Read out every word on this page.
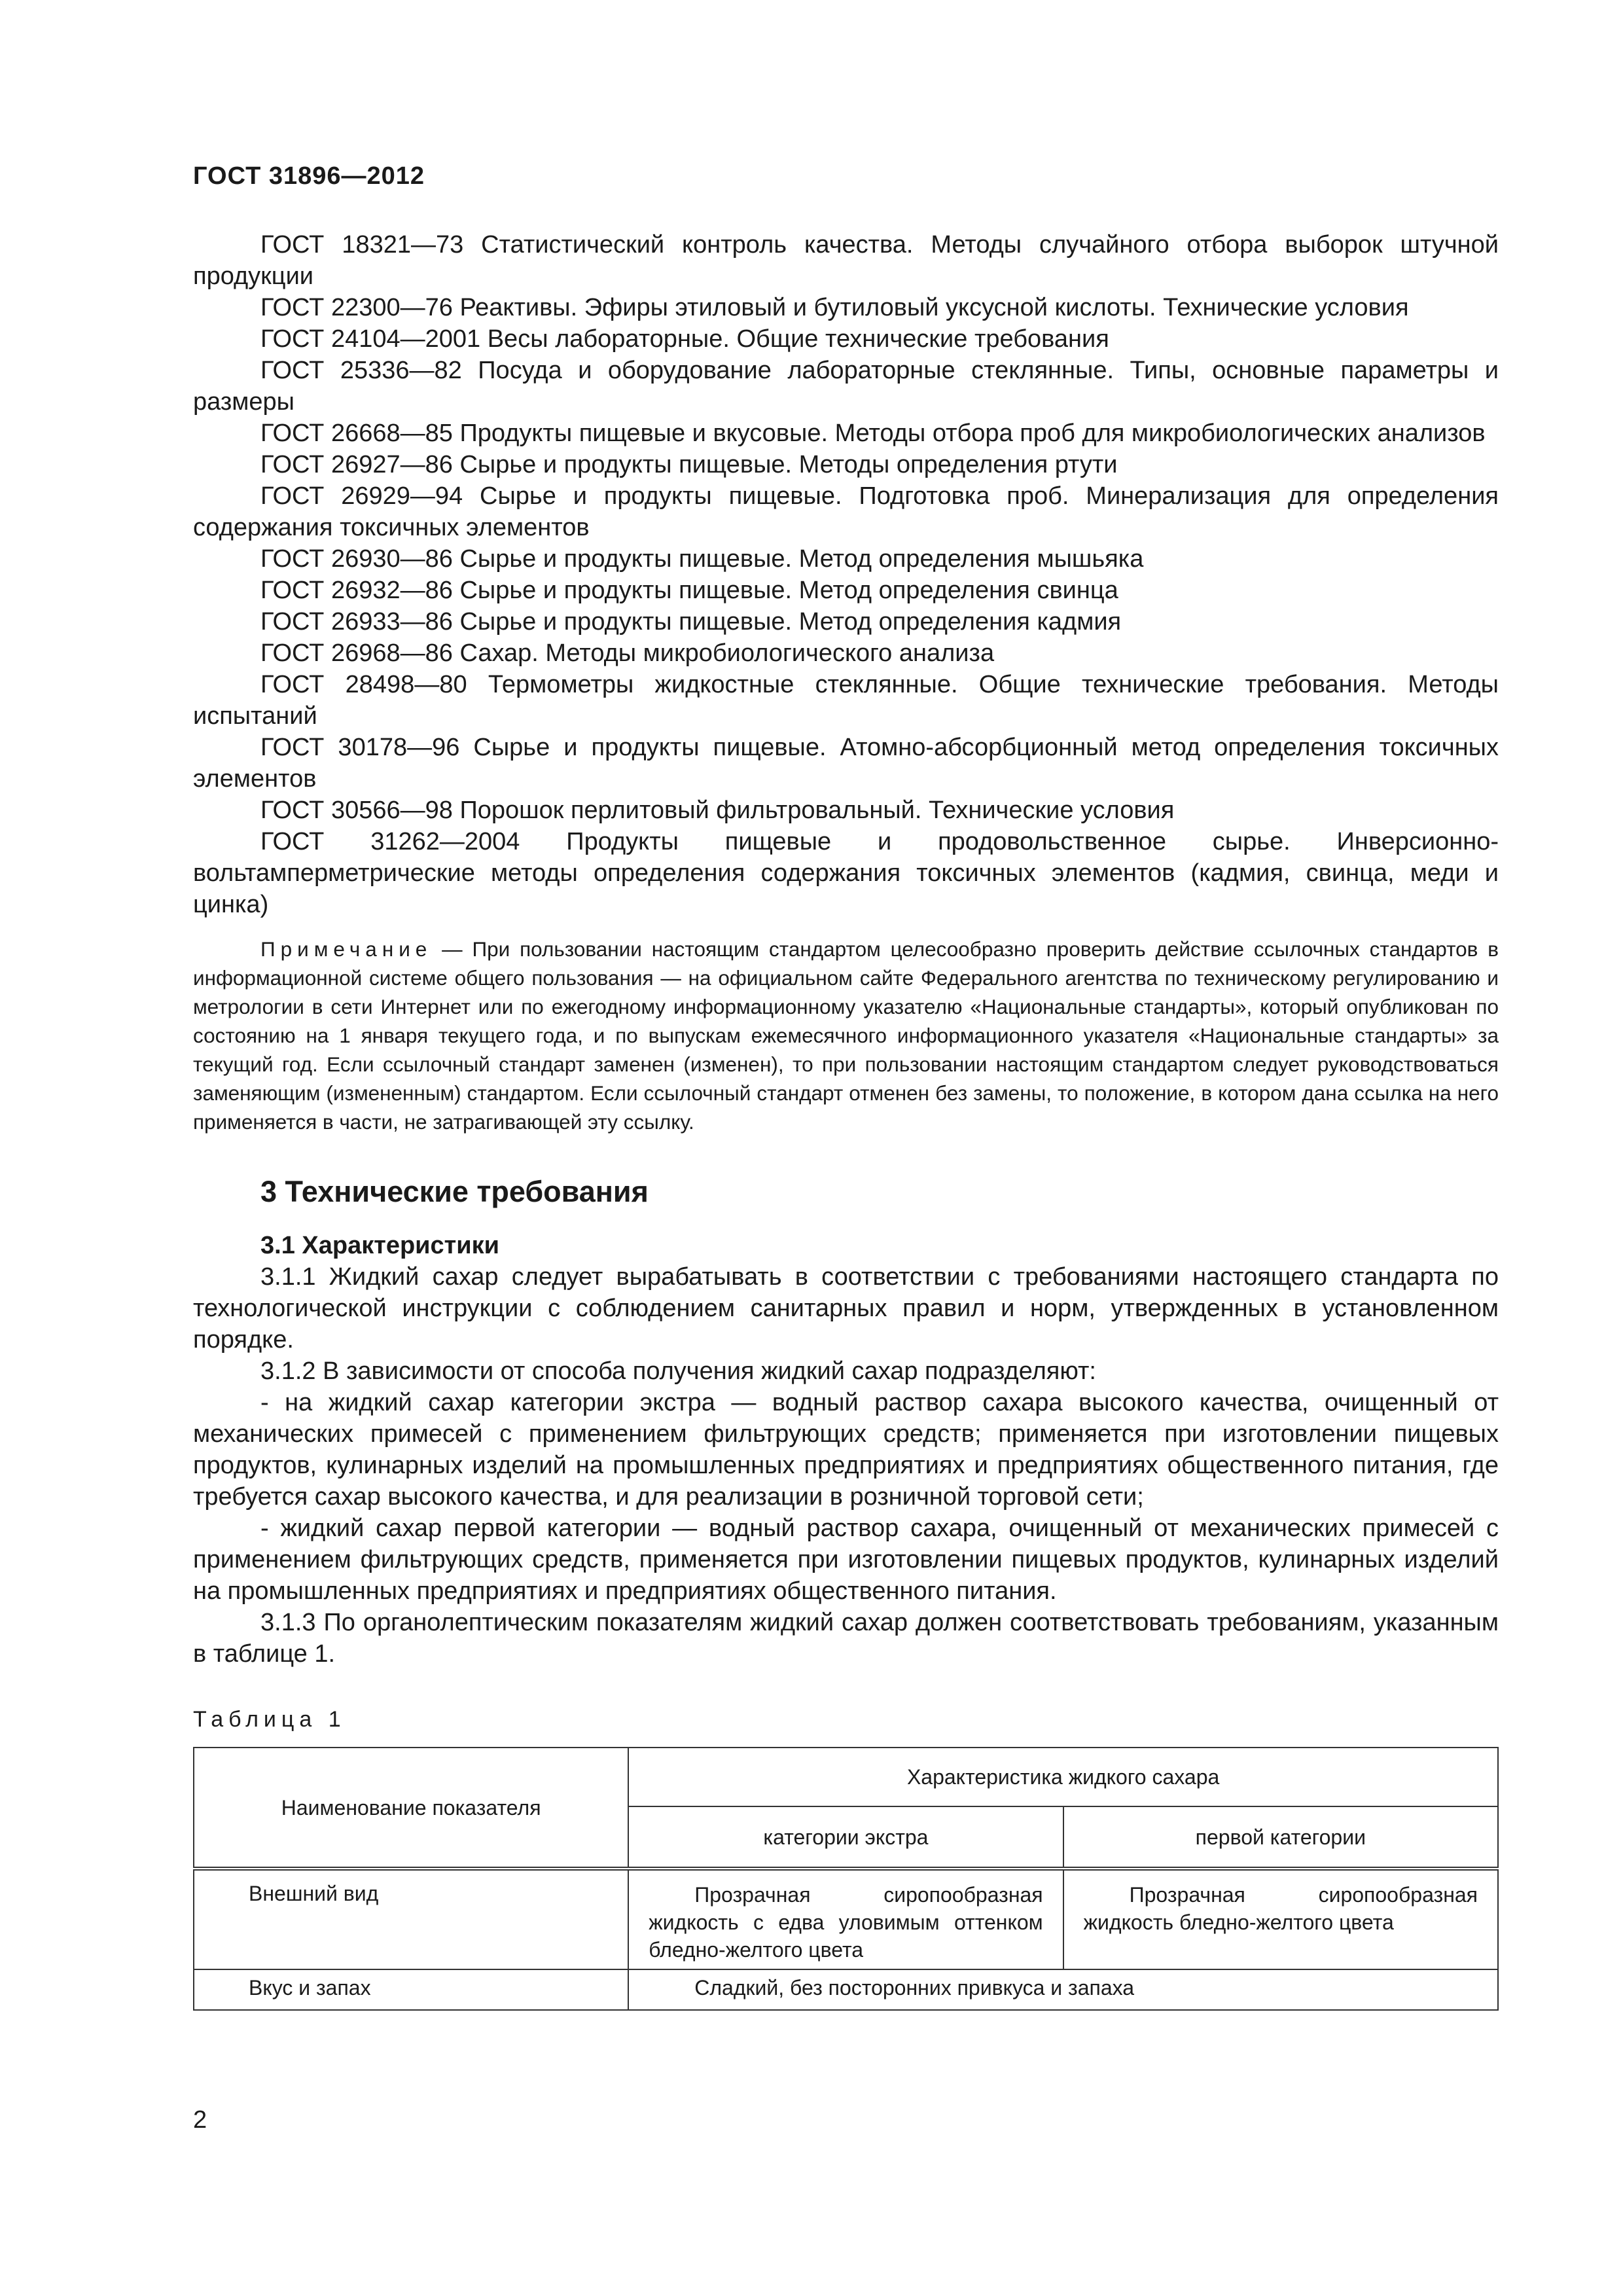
ГОСТ 31896—2012

ГОСТ 18321—73 Статистический контроль качества. Методы случайного отбора выборок штучной продукции

ГОСТ 22300—76 Реактивы. Эфиры этиловый и бутиловый уксусной кислоты. Технические условия

ГОСТ 24104—2001 Весы лабораторные. Общие технические требования

ГОСТ 25336—82 Посуда и оборудование лабораторные стеклянные. Типы, основные параметры и размеры

ГОСТ 26668—85 Продукты пищевые и вкусовые. Методы отбора проб для микробиологических анализов

ГОСТ 26927—86 Сырье и продукты пищевые. Методы определения ртути

ГОСТ 26929—94 Сырье и продукты пищевые. Подготовка проб. Минерализация для определения содержания токсичных элементов

ГОСТ 26930—86 Сырье и продукты пищевые. Метод определения мышьяка

ГОСТ 26932—86 Сырье и продукты пищевые. Метод определения свинца

ГОСТ 26933—86 Сырье и продукты пищевые. Метод определения кадмия

ГОСТ 26968—86 Сахар. Методы микробиологического анализа

ГОСТ 28498—80 Термометры жидкостные стеклянные. Общие технические требования. Методы испытаний

ГОСТ 30178—96 Сырье и продукты пищевые. Атомно-абсорбционный метод определения токсичных элементов

ГОСТ 30566—98 Порошок перлитовый фильтровальный. Технические условия

ГОСТ 31262—2004 Продукты пищевые и продовольственное сырье. Инверсионно-вольтамперметрические методы определения содержания токсичных элементов (кадмия, свинца, меди и цинка)

Примечание — При пользовании настоящим стандартом целесообразно проверить действие ссылочных стандартов в информационной системе общего пользования — на официальном сайте Федерального агентства по техническому регулированию и метрологии в сети Интернет или по ежегодному информационному указателю «Национальные стандарты», который опубликован по состоянию на 1 января текущего года, и по выпускам ежемесячного информационного указателя «Национальные стандарты» за текущий год. Если ссылочный стандарт заменен (изменен), то при пользовании настоящим стандартом следует руководствоваться заменяющим (измененным) стандартом. Если ссылочный стандарт отменен без замены, то положение, в котором дана ссылка на него применяется в части, не затрагивающей эту ссылку.
3 Технические требования
3.1 Характеристики

3.1.1 Жидкий сахар следует вырабатывать в соответствии с требованиями настоящего стандарта по технологической инструкции с соблюдением санитарных правил и норм, утвержденных в установленном порядке.

3.1.2 В зависимости от способа получения жидкий сахар подразделяют:

- на жидкий сахар категории экстра — водный раствор сахара высокого качества, очищенный от механических примесей с применением фильтрующих средств; применяется при изготовлении пищевых продуктов, кулинарных изделий на промышленных предприятиях и предприятиях общественного питания, где требуется сахар высокого качества, и для реализации в розничной торговой сети;

- жидкий сахар первой категории — водный раствор сахара, очищенный от механических примесей с применением фильтрующих средств, применяется при изготовлении пищевых продуктов, кулинарных изделий на промышленных предприятиях и предприятиях общественного питания.

3.1.3 По органолептическим показателям жидкий сахар должен соответствовать требованиям, указанным в таблице 1.

Таблица 1
Наименование показателя	Характеристика жидкого сахара	
	категории экстра	первой категории

Внешний вид	Прозрачная сиропообразная жидкость с едва уловимым оттенком бледно-желтого цвета	Прозрачная сиропообразная жидкость бледно-желтого цвета

Вкус и запах	Сладкий, без посторонних привкуса и запаха	
2
